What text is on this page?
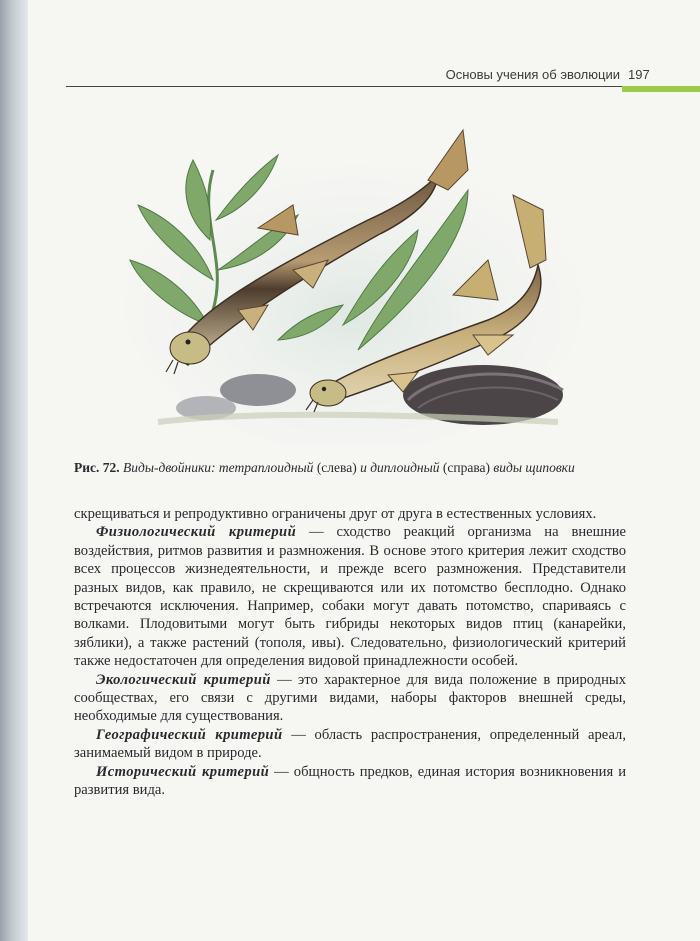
Основы учения об эволюции 197
Рис. 72. Виды-двойники: тетраплоидный (слева) и диплоидный (справа) виды щиповки

скрещиваться и репродуктивно ограничены друг от друга в естественных условиях.

Физиологический критерий — сходство реакций организма на внешние воздействия, ритмов развития и размножения. В основе этого критерия лежит сходство всех процессов жизнедеятельности, и прежде всего размножения. Представители разных видов, как правило, не скрещиваются или их потомство бесплодно. Однако встречаются исключения. Например, собаки могут давать потомство, спариваясь с волками. Плодовитыми могут быть гибриды некоторых видов птиц (канарейки, зяблики), а также растений (тополя, ивы). Следовательно, физиологический критерий также недостаточен для определения видовой принадлежности особей.

Экологический критерий — это характерное для вида положение в природных сообществах, его связи с другими видами, наборы факторов внешней среды, необходимые для существования.

Географический критерий — область распространения, определенный ареал, занимаемый видом в природе.

Исторический критерий — общность предков, единая история возникновения и развития вида.
